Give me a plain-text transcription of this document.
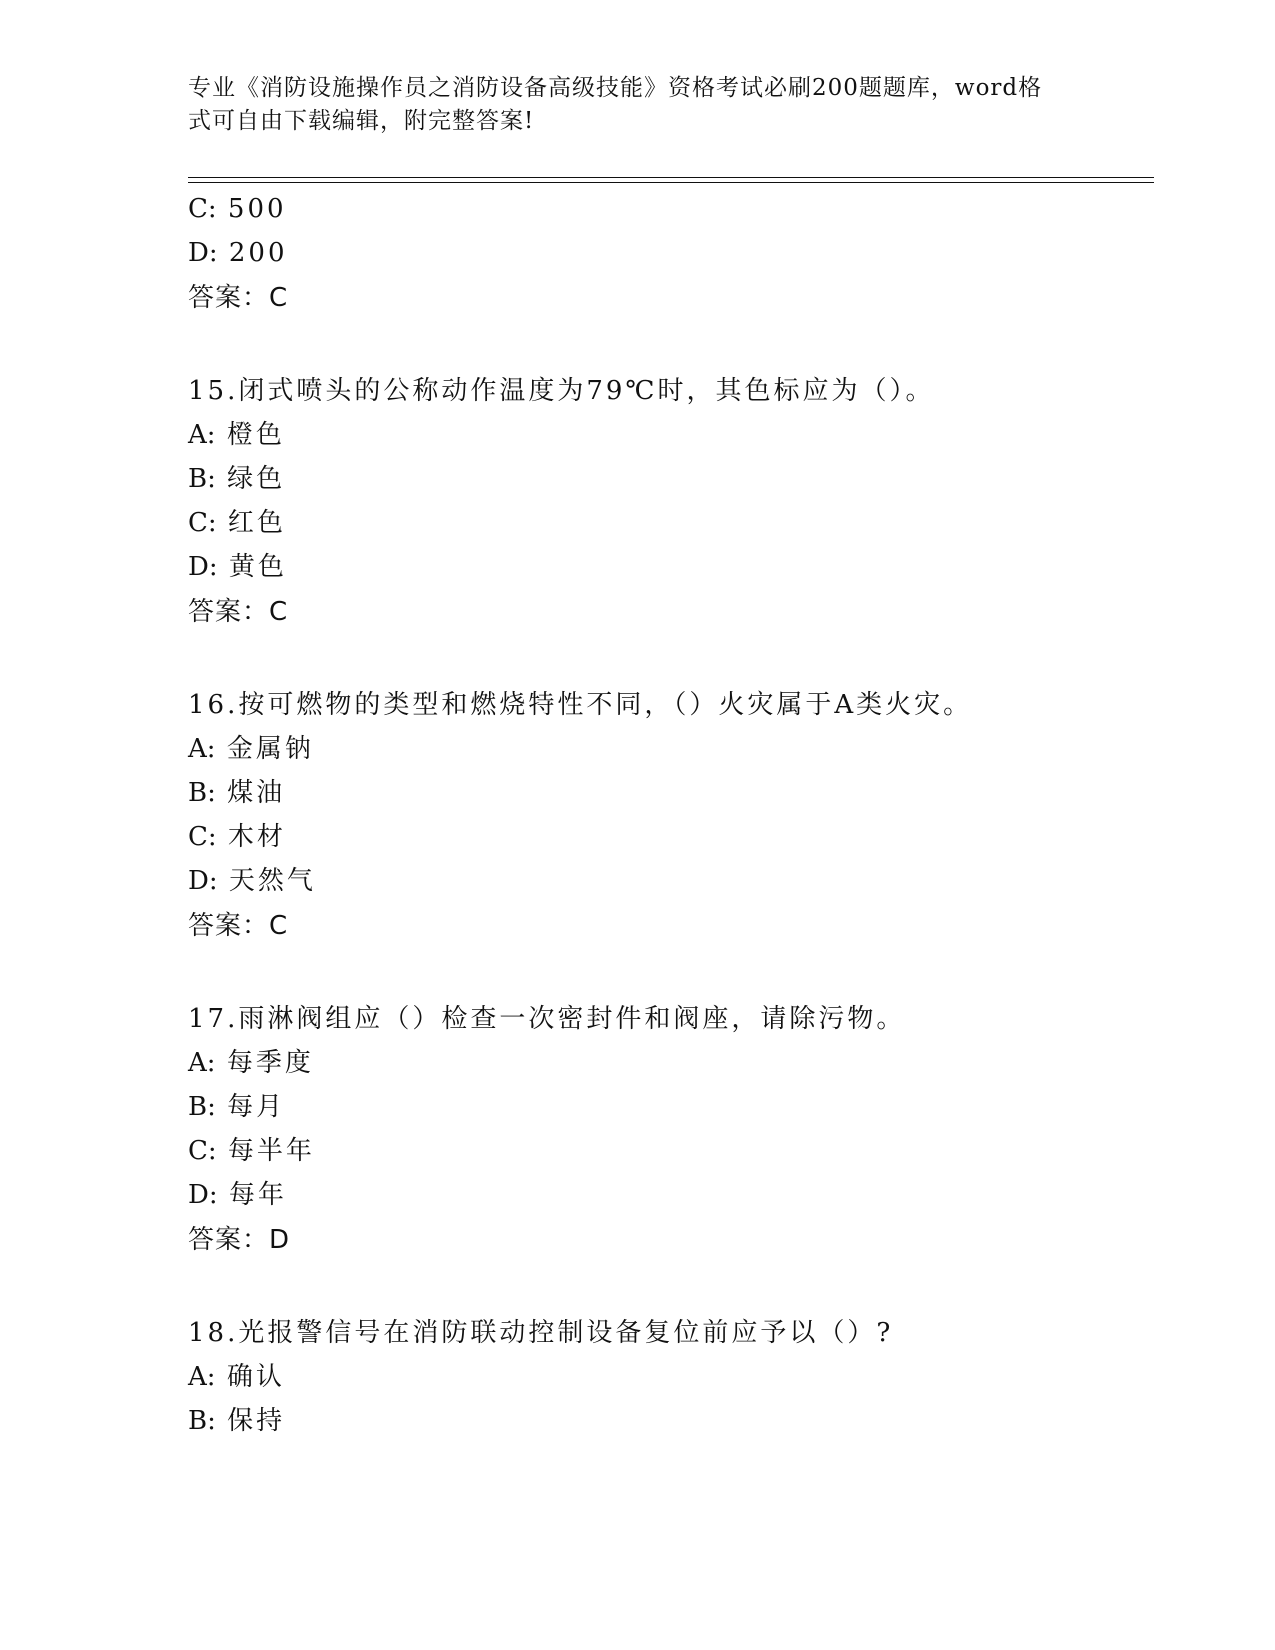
专业《消防设施操作员之消防设备高级技能》资格考试必刷200题题库，word格
式可自由下载编辑，附完整答案!
C: 500
D: 200
答案：C
15.闭式喷头的公称动作温度为79℃时，其色标应为（）。
A: 橙色
B: 绿色
C: 红色
D: 黄色
答案：C
16.按可燃物的类型和燃烧特性不同，（）火灾属于A类火灾。
A: 金属钠
B: 煤油
C: 木材
D: 天然气
答案：C
17.雨淋阀组应（）检查一次密封件和阀座，请除污物。
A: 每季度
B: 每月
C: 每半年
D: 每年
答案：D
18.光报警信号在消防联动控制设备复位前应予以（）?
A: 确认
B: 保持
